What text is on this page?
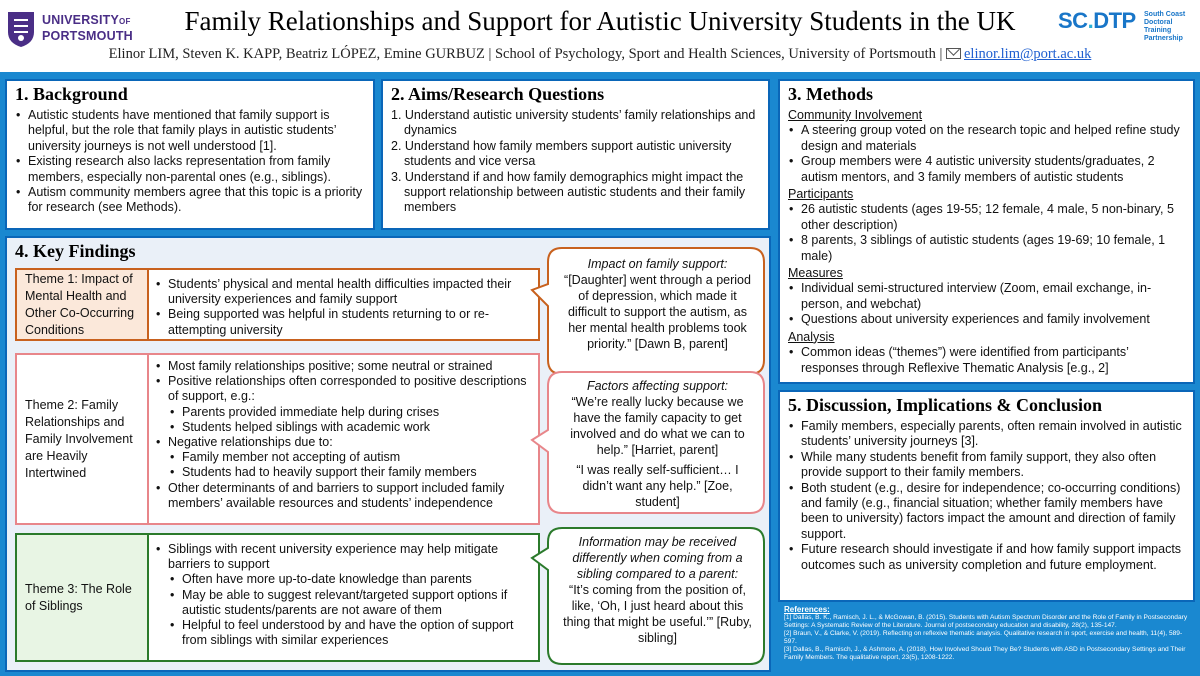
UNIVERSITYOF
PORTSMOUTH	Family Relationships and Support for Autistic University Students in the UK
Elinor LIM, Steven K. KAPP, Beatriz LÓPEZ, Emine GURBUZ | School of Psychology, Sport and Health Sciences, University of Portsmouth | elinor.lim@port.ac.uk
SC.DTP South Coast Doctoral Training Partnership
1. Background
• Autistic students have mentioned that family support is helpful, but the role that family plays in autistic students’ university journeys is not well understood [1].
• Existing research also lacks representation from family members, especially non-parental ones (e.g., siblings).
• Autism community members agree that this topic is a priority for research (see Methods).
2. Aims/Research Questions
1. Understand autistic university students’ family relationships and dynamics
2. Understand how family members support autistic university students and vice versa
3. Understand if and how family demographics might impact the support relationship between autistic students and their family members
3. Methods
Community Involvement
• A steering group voted on the research topic and helped refine study design and materials
• Group members were 4 autistic university students/graduates, 2 autism mentors, and 3 family members of autistic students
Participants
• 26 autistic students (ages 19-55; 12 female, 4 male, 5 non-binary, 5 other description)
• 8 parents, 3 siblings of autistic students (ages 19-69; 10 female, 1 male)
Measures
• Individual semi-structured interview (Zoom, email exchange, in-person, and webchat)
• Questions about university experiences and family involvement
Analysis
• Common ideas (“themes”) were identified from participants’ responses through Reflexive Thematic Analysis [e.g., 2]
5. Discussion, Implications & Conclusion
• Family members, especially parents, often remain involved in autistic students’ university journeys [3].
• While many students benefit from family support, they also often provide support to their family members.
• Both student (e.g., desire for independence; co-occurring conditions) and family (e.g., financial situation; whether family members have been to university) factors impact the amount and direction of family support.
• Future research should investigate if and how family support impacts outcomes such as university completion and future employment.
References:

[1] Dallas, B. K., Ramisch, J. L., & McGowan, B. (2015). Students with Autism Spectrum Disorder and the Role of Family in Postsecondary Settings: A Systematic Review of the Literature. Journal of postsecondary education and disability, 28(2), 135-147.

[2] Braun, V., & Clarke, V. (2019). Reflecting on reflexive thematic analysis. Qualitative research in sport, exercise and health, 11(4), 589-597.

[3] Dallas, B., Ramisch, J., & Ashmore, A. (2018). How Involved Should They Be? Students with ASD in Postsecondary Settings and Their Family Members. The qualitative report, 23(5), 1208-1222.

4. Key Findings
Theme 1: Impact of Mental Health and Other Co-Occurring Conditions
• Students’ physical and mental health difficulties impacted their university experiences and family support
• Being supported was helpful in students returning to or re-attempting university
Theme 2: Family Relationships and Family Involvement are Heavily Intertwined
• Most family relationships positive; some neutral or strained
• Positive relationships often corresponded to positive descriptions of support, e.g.:
• Parents provided immediate help during crises
• Students helped siblings with academic work
• Negative relationships due to:
• Family member not accepting of autism
• Students had to heavily support their family members
• Other determinants of and barriers to support included family members’ available resources and students’ independence
Theme 3: The Role of Siblings
• Siblings with recent university experience may help mitigate barriers to support
• Often have more up-to-date knowledge than parents
• May be able to suggest relevant/targeted support options if autistic students/parents are not aware of them
• Helpful to feel understood by and have the option of support from siblings with similar experiences
Impact on family support:
“[Daughter] went through a period of depression, which made it difficult to support the autism, as her mental health problems took priority.” [Dawn B, parent]
Factors affecting support:
“We’re really lucky because we have the family capacity to get involved and do what we can to help.” [Harriet, parent]
“I was really self-sufficient… I didn’t want any help.” [Zoe, student]
Information may be received differently when coming from a sibling compared to a parent:
“It’s coming from the position of, like, ‘Oh, I just heard about this thing that might be useful.’” [Ruby, sibling]
